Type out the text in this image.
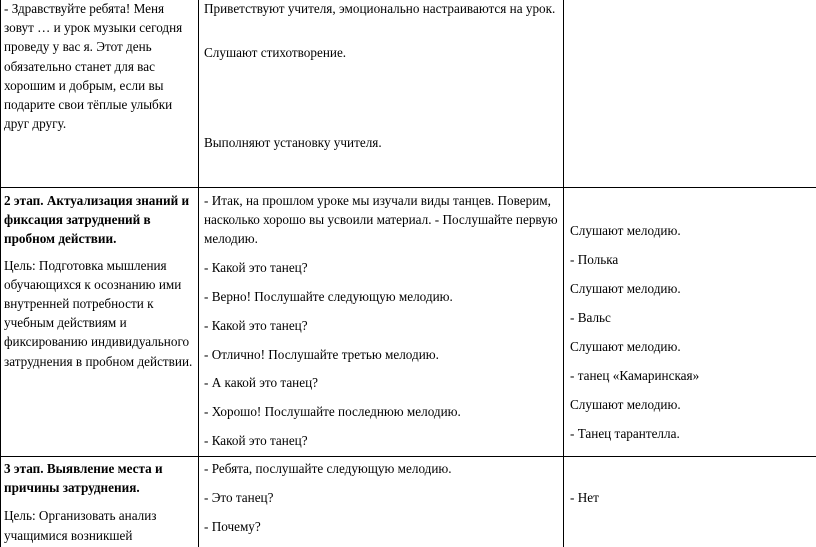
- Здравствуйте ребята! Меня зовут … и урок музыки сегодня проведу у вас я. Этот день обязательно станет для вас хорошим и добрым, если вы подарите свои тёплые улыбки друг другу.

Приветствуют учителя, эмоционально настраиваются на урок.

Слушают стихотворение.

Выполняют установку учителя.

2 этап. Актуализация знаний и фиксация затруднений в пробном действии.

Цель: Подготовка мышления обучающихся к осознанию ими внутренней потребности к учебным действиям и фиксированию индивидуального затруднения в пробном действии.

- Итак, на прошлом уроке мы изучали виды танцев. Поверим, насколько хорошо вы усвоили материал. - Послушайте первую мелодию.

- Какой это танец?

- Верно! Послушайте следующую мелодию.

- Какой это танец?

- Отлично! Послушайте третью мелодию.

- А какой это танец?

- Хорошо! Послушайте последнюю мелодию.

- Какой это танец?

Слушают мелодию.

- Полька

Слушают мелодию.

- Вальс

Слушают мелодию.

- танец «Камаринская»

Слушают мелодию.

- Танец тарантелла.

3 этап. Выявление места и причины затруднения.

Цель: Организовать анализ учащимися возникшей

- Ребята, послушайте следующую мелодию.

- Это танец?

- Почему?

- Нет
